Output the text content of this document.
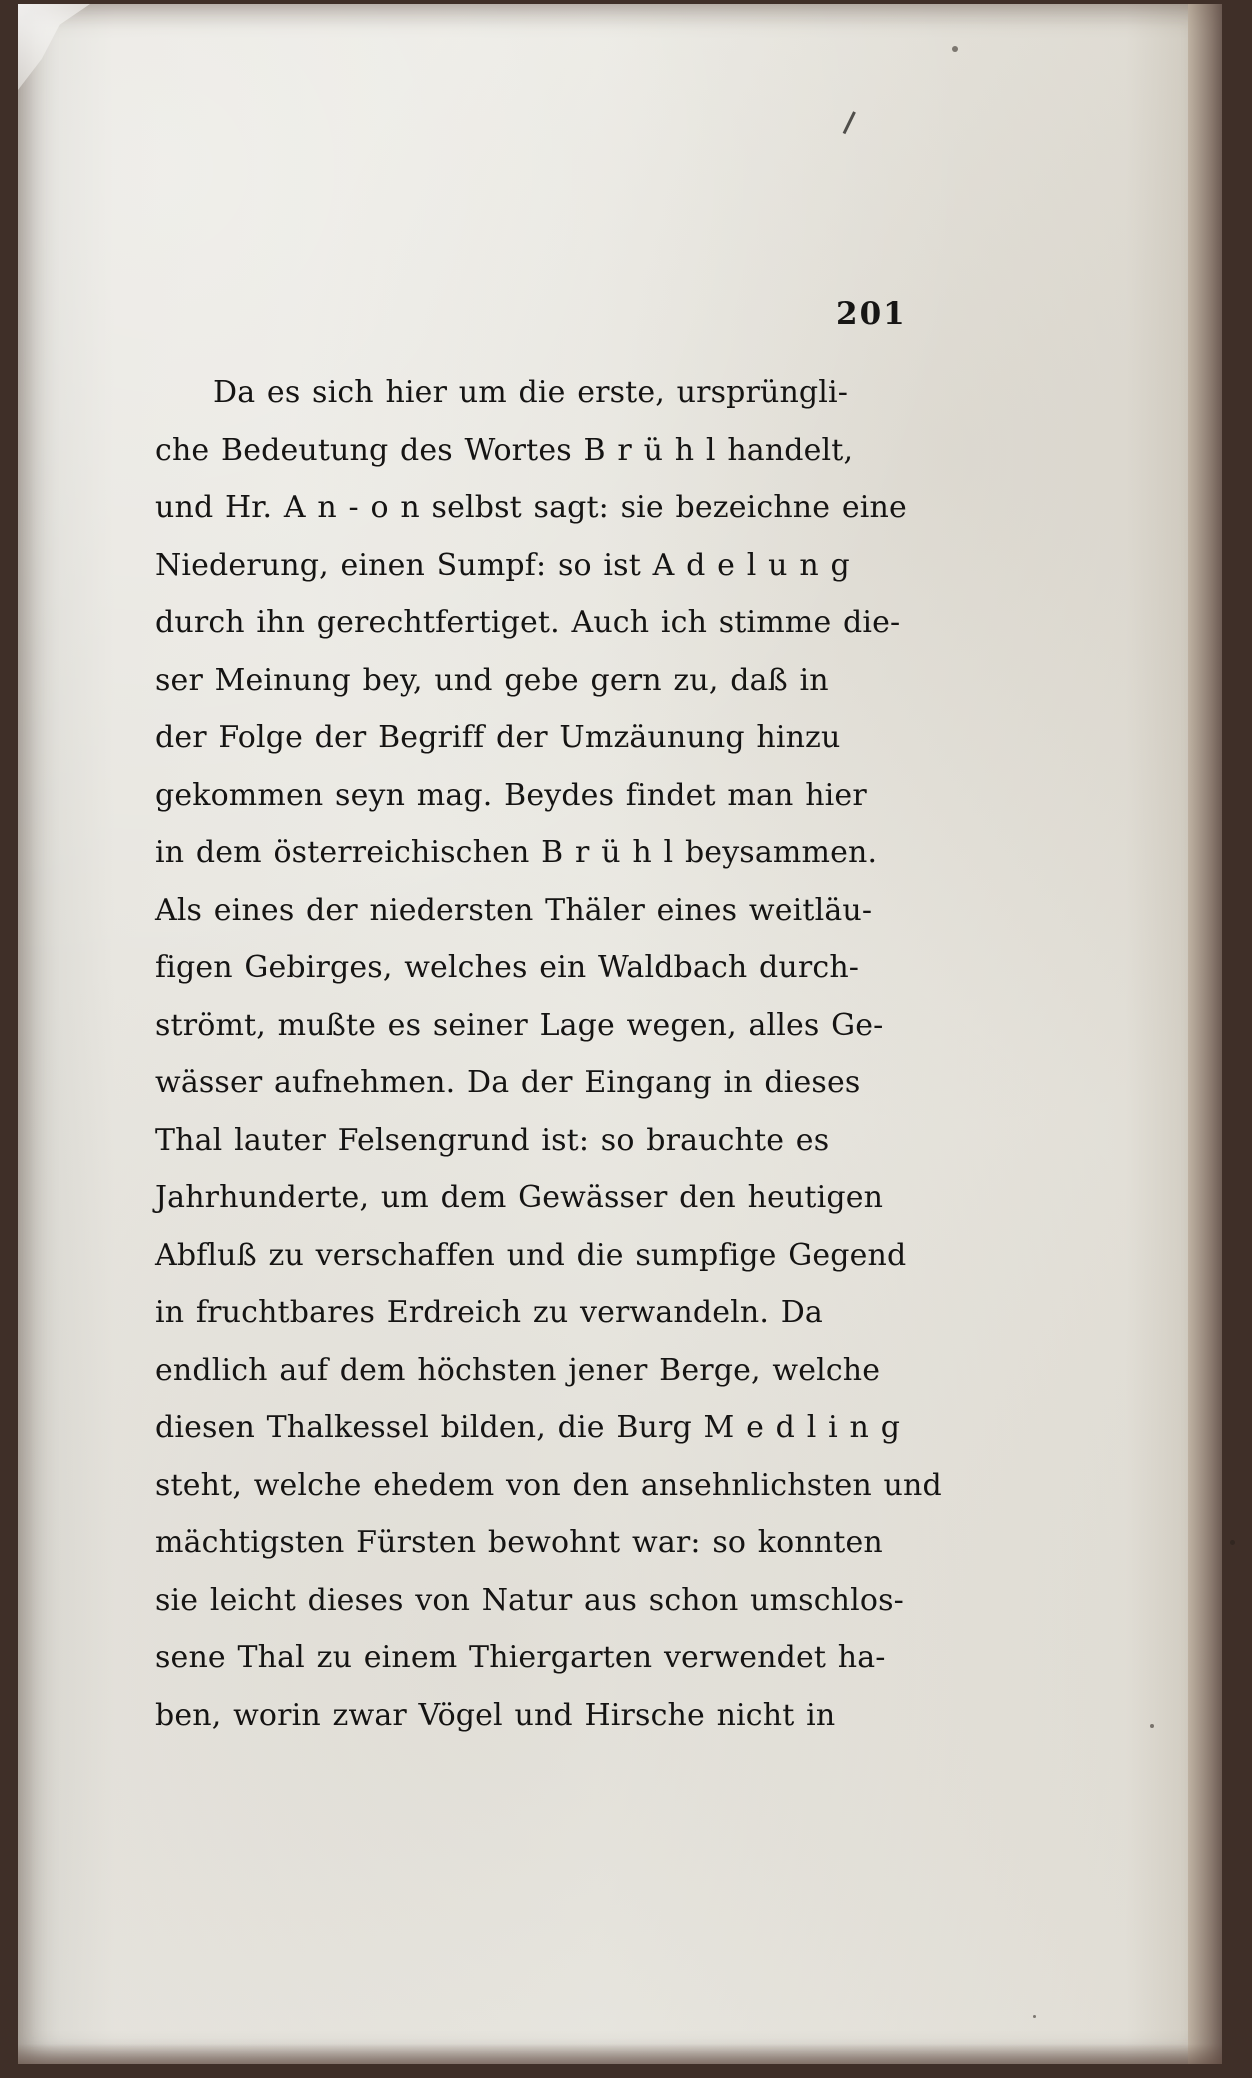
201
Da es sich hier um die erste, ursprüngli-
che Bedeutung des Wortes B r ü h l handelt,
und Hr. A n - o n selbst sagt: sie bezeichne eine
Niederung, einen Sumpf: so ist A d e l u n g
durch ihn gerechtfertiget. Auch ich stimme die-
ser Meinung bey, und gebe gern zu, daß in
der Folge der Begriff der Umzäunung hinzu
gekommen seyn mag. Beydes findet man hier
in dem österreichischen B r ü h l beysammen.
Als eines der niedersten Thäler eines weitläu-
figen Gebirges, welches ein Waldbach durch-
strömt, mußte es seiner Lage wegen, alles Ge-
wässer aufnehmen. Da der Eingang in dieses
Thal lauter Felsengrund ist: so brauchte es
Jahrhunderte, um dem Gewässer den heutigen
Abfluß zu verschaffen und die sumpfige Gegend
in fruchtbares Erdreich zu verwandeln. Da
endlich auf dem höchsten jener Berge, welche
diesen Thalkessel bilden, die Burg M e d l i n g
steht, welche ehedem von den ansehnlichsten und
mächtigsten Fürsten bewohnt war: so konnten
sie leicht dieses von Natur aus schon umschlos-
sene Thal zu einem Thiergarten verwendet ha-
ben, worin zwar Vögel und Hirsche nicht in
